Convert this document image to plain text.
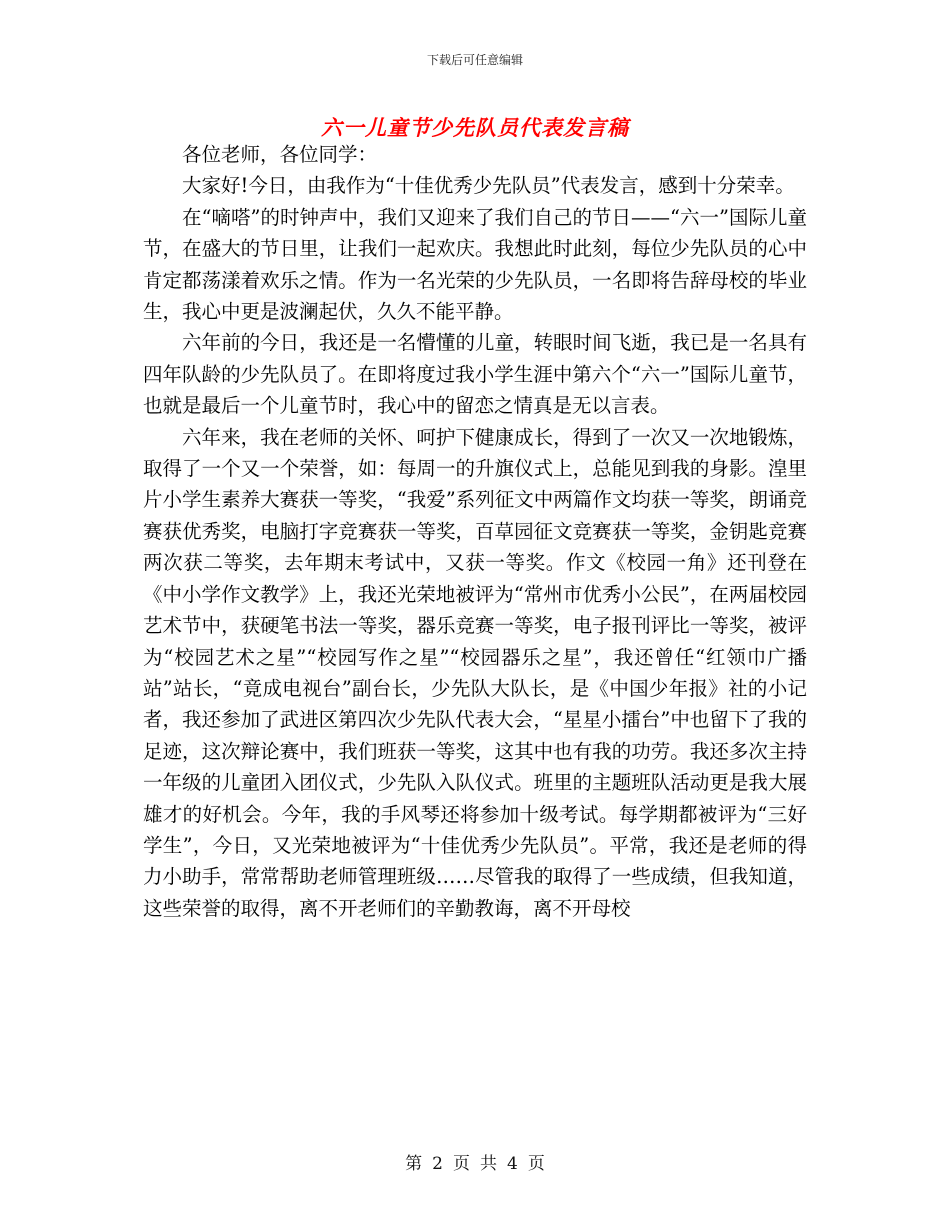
下载后可任意编辑
六一儿童节少先队员代表发言稿

各位老师，各位同学：

大家好!今日，由我作为“十佳优秀少先队员”代表发言，感到十分荣幸。

在“嘀嗒”的时钟声中，我们又迎来了我们自己的节日——“六一”国际儿童节，在盛大的节日里，让我们一起欢庆。我想此时此刻，每位少先队员的心中肯定都荡漾着欢乐之情。作为一名光荣的少先队员，一名即将告辞母校的毕业生，我心中更是波澜起伏，久久不能平静。

六年前的今日，我还是一名懵懂的儿童，转眼时间飞逝，我已是一名具有四年队龄的少先队员了。在即将度过我小学生涯中第六个“六一”国际儿童节，也就是最后一个儿童节时，我心中的留恋之情真是无以言表。

六年来，我在老师的关怀、呵护下健康成长，得到了一次又一次地锻炼，取得了一个又一个荣誉，如：每周一的升旗仪式上，总能见到我的身影。湟里片小学生素养大赛获一等奖，“我爱”系列征文中两篇作文均获一等奖，朗诵竞赛获优秀奖，电脑打字竞赛获一等奖，百草园征文竞赛获一等奖，金钥匙竞赛两次获二等奖，去年期末考试中，又获一等奖。作文《校园一角》还刊登在《中小学作文教学》上，我还光荣地被评为“常州市优秀小公民”，在两届校园艺术节中，获硬笔书法一等奖，器乐竞赛一等奖，电子报刊评比一等奖，被评为“校园艺术之星”“校园写作之星”“校园器乐之星”，我还曾任“红领巾广播站”站长，“竟成电视台”副台长，少先队大队长，是《中国少年报》社的小记者，我还参加了武进区第四次少先队代表大会，“星星小擂台”中也留下了我的足迹，这次辩论赛中，我们班获一等奖，这其中也有我的功劳。我还多次主持一年级的儿童团入团仪式，少先队入队仪式。班里的主题班队活动更是我大展雄才的好机会。今年，我的手风琴还将参加十级考试。每学期都被评为“三好学生”，今日，又光荣地被评为“十佳优秀少先队员”。平常，我还是老师的得力小助手，常常帮助老师管理班级……尽管我的取得了一些成绩，但我知道，这些荣誉的取得，离不开老师们的辛勤教诲，离不开母校

第 2 页 共 4 页
